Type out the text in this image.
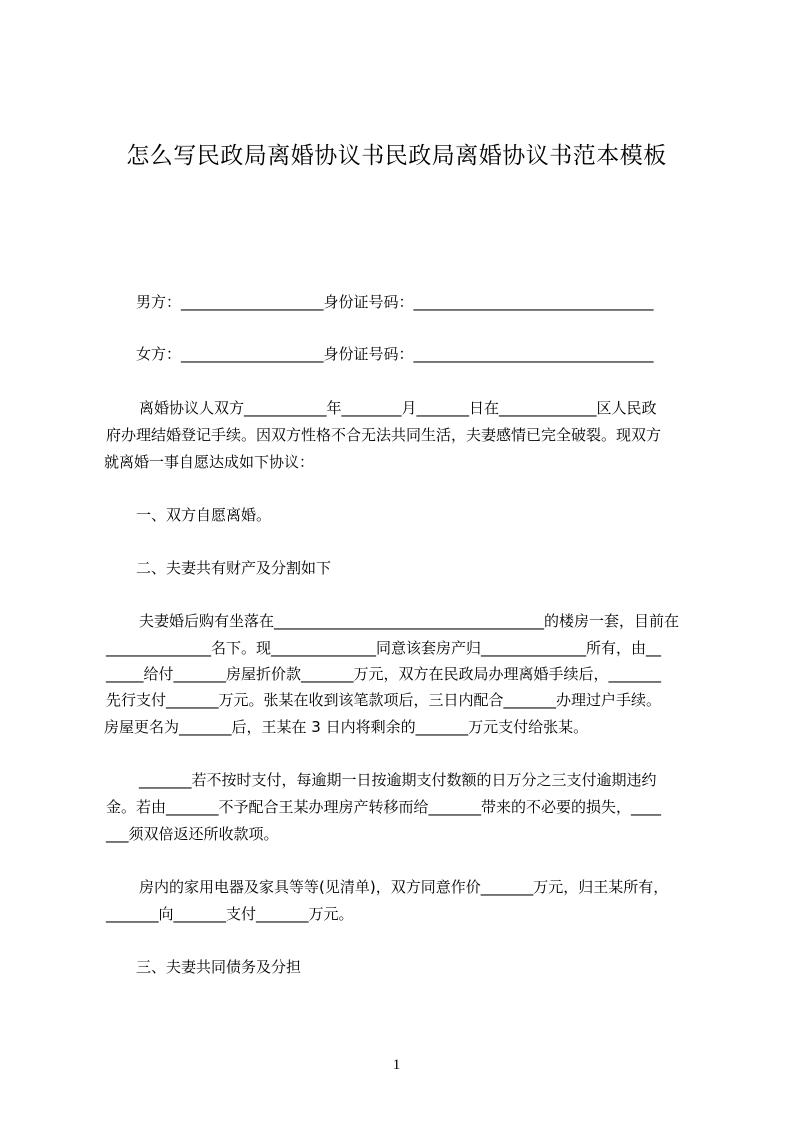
怎么写民政局离婚协议书民政局离婚协议书范本模板
男方：___________________身份证号码：________________________________
女方：___________________身份证号码：________________________________
离婚协议人双方___________年________月_______日在_____________区人民政
府办理结婚登记手续。因双方性格不合无法共同生活，夫妻感情已完全破裂。现双方
就离婚一事自愿达成如下协议：
一、双方自愿离婚。
二、夫妻共有财产及分割如下
夫妻婚后购有坐落在____________________________________的楼房一套，目前在
______________名下。现______________同意该套房产归______________所有，由__
_____给付_______房屋折价款_______万元，双方在民政局办理离婚手续后，_______
先行支付_______万元。张某在收到该笔款项后，三日内配合_______办理过户手续。
房屋更名为_______后，王某在 3 日内将剩余的_______万元支付给张某。
_______若不按时支付，每逾期一日按逾期支付数额的日万分之三支付逾期违约
金。若由_______不予配合王某办理房产转移而给_______带来的不必要的损失，____
___须双倍返还所收款项。
房内的家用电器及家具等等(见清单)，双方同意作价_______万元，归王某所有，
_______向_______支付_______万元。
三、夫妻共同债务及分担
1
